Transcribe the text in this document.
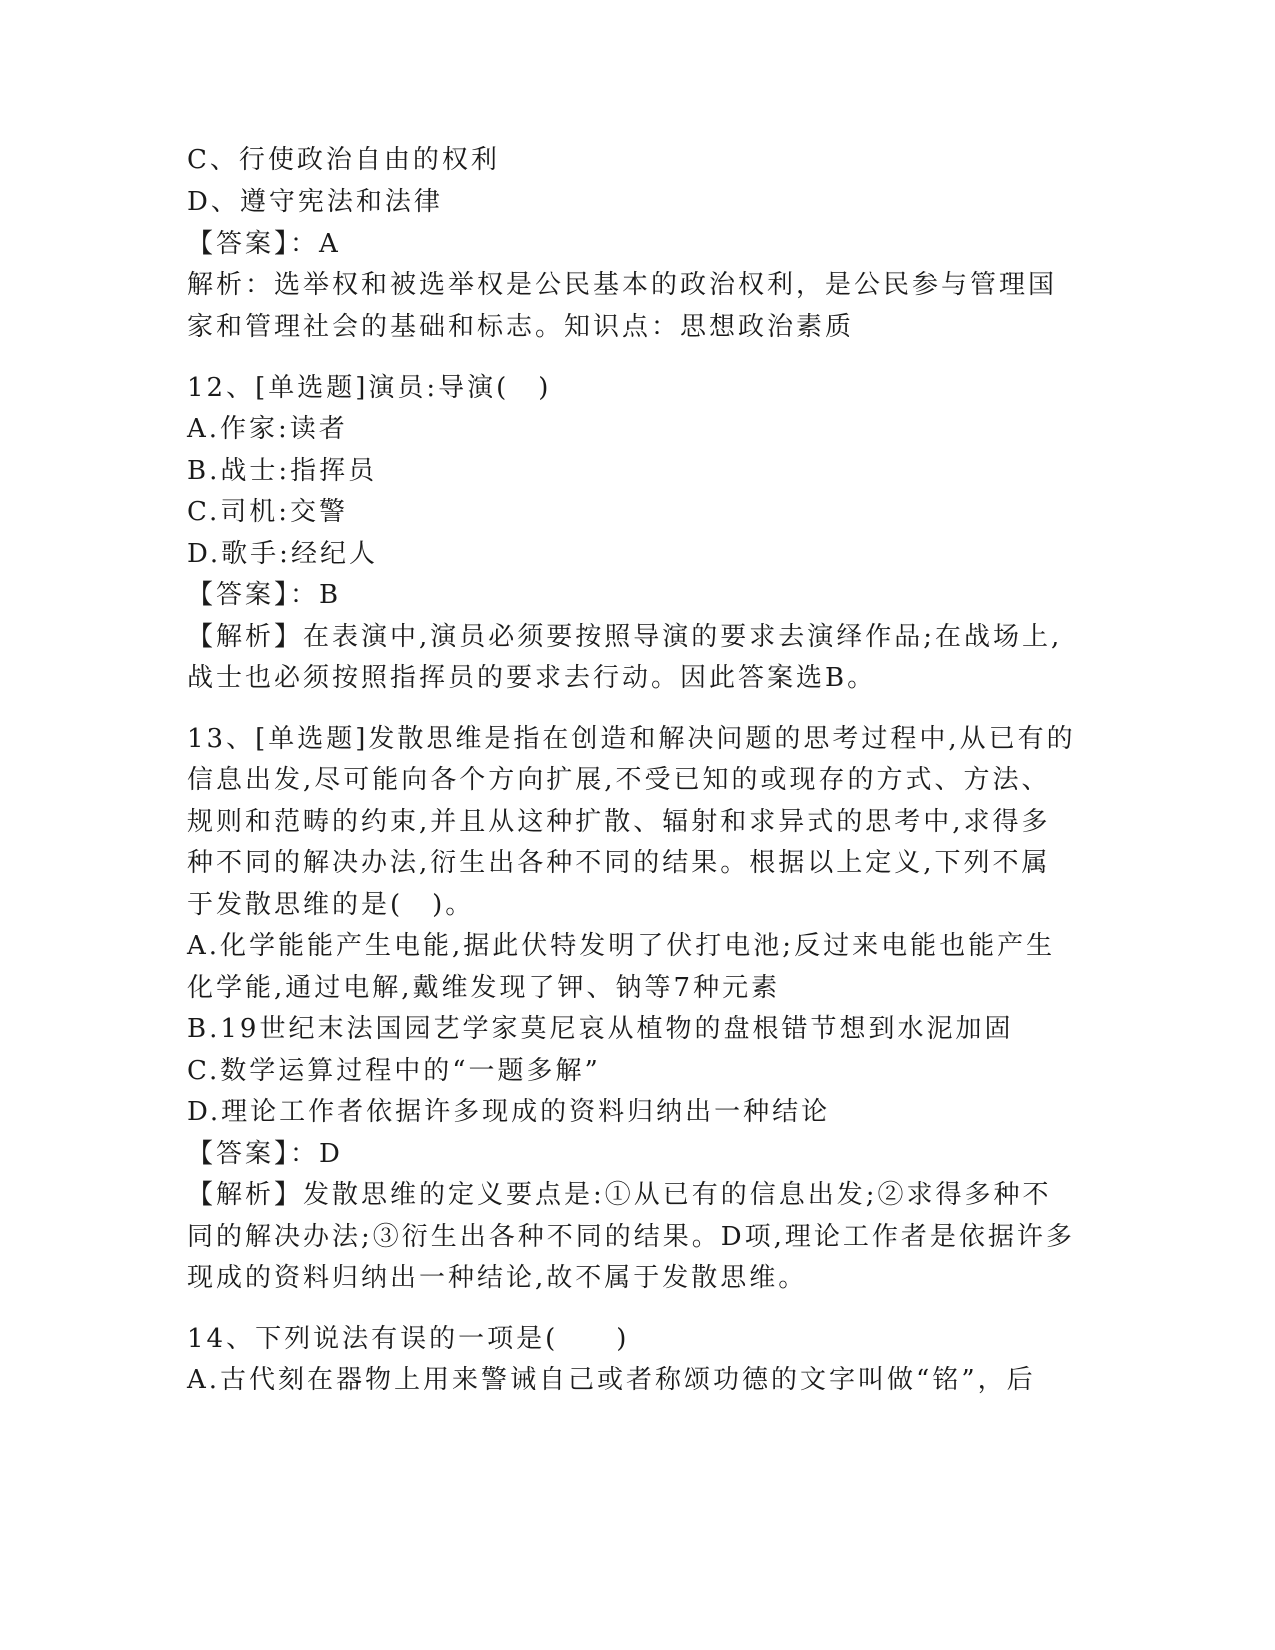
C、行使政治自由的权利
D、遵守宪法和法律
【答案】：A
解析：选举权和被选举权是公民基本的政治权利，是公民参与管理国
家和管理社会的基础和标志。知识点：思想政治素质
12、[单选题]演员:导演(　)
A.作家:读者
B.战士:指挥员
C.司机:交警
D.歌手:经纪人
【答案】：B
【解析】在表演中,演员必须要按照导演的要求去演绎作品;在战场上,
战士也必须按照指挥员的要求去行动。因此答案选B。
13、[单选题]发散思维是指在创造和解决问题的思考过程中,从已有的
信息出发,尽可能向各个方向扩展,不受已知的或现存的方式、方法、
规则和范畴的约束,并且从这种扩散、辐射和求异式的思考中,求得多
种不同的解决办法,衍生出各种不同的结果。根据以上定义,下列不属
于发散思维的是(　)。
A.化学能能产生电能,据此伏特发明了伏打电池;反过来电能也能产生
化学能,通过电解,戴维发现了钾、钠等7种元素
B.19世纪末法国园艺学家莫尼哀从植物的盘根错节想到水泥加固
C.数学运算过程中的“一题多解”
D.理论工作者依据许多现成的资料归纳出一种结论
【答案】：D
【解析】发散思维的定义要点是:①从已有的信息出发;②求得多种不
同的解决办法;③衍生出各种不同的结果。D项,理论工作者是依据许多
现成的资料归纳出一种结论,故不属于发散思维。
14、下列说法有误的一项是(　　)
A.古代刻在器物上用来警诫自己或者称颂功德的文字叫做“铭”，后
